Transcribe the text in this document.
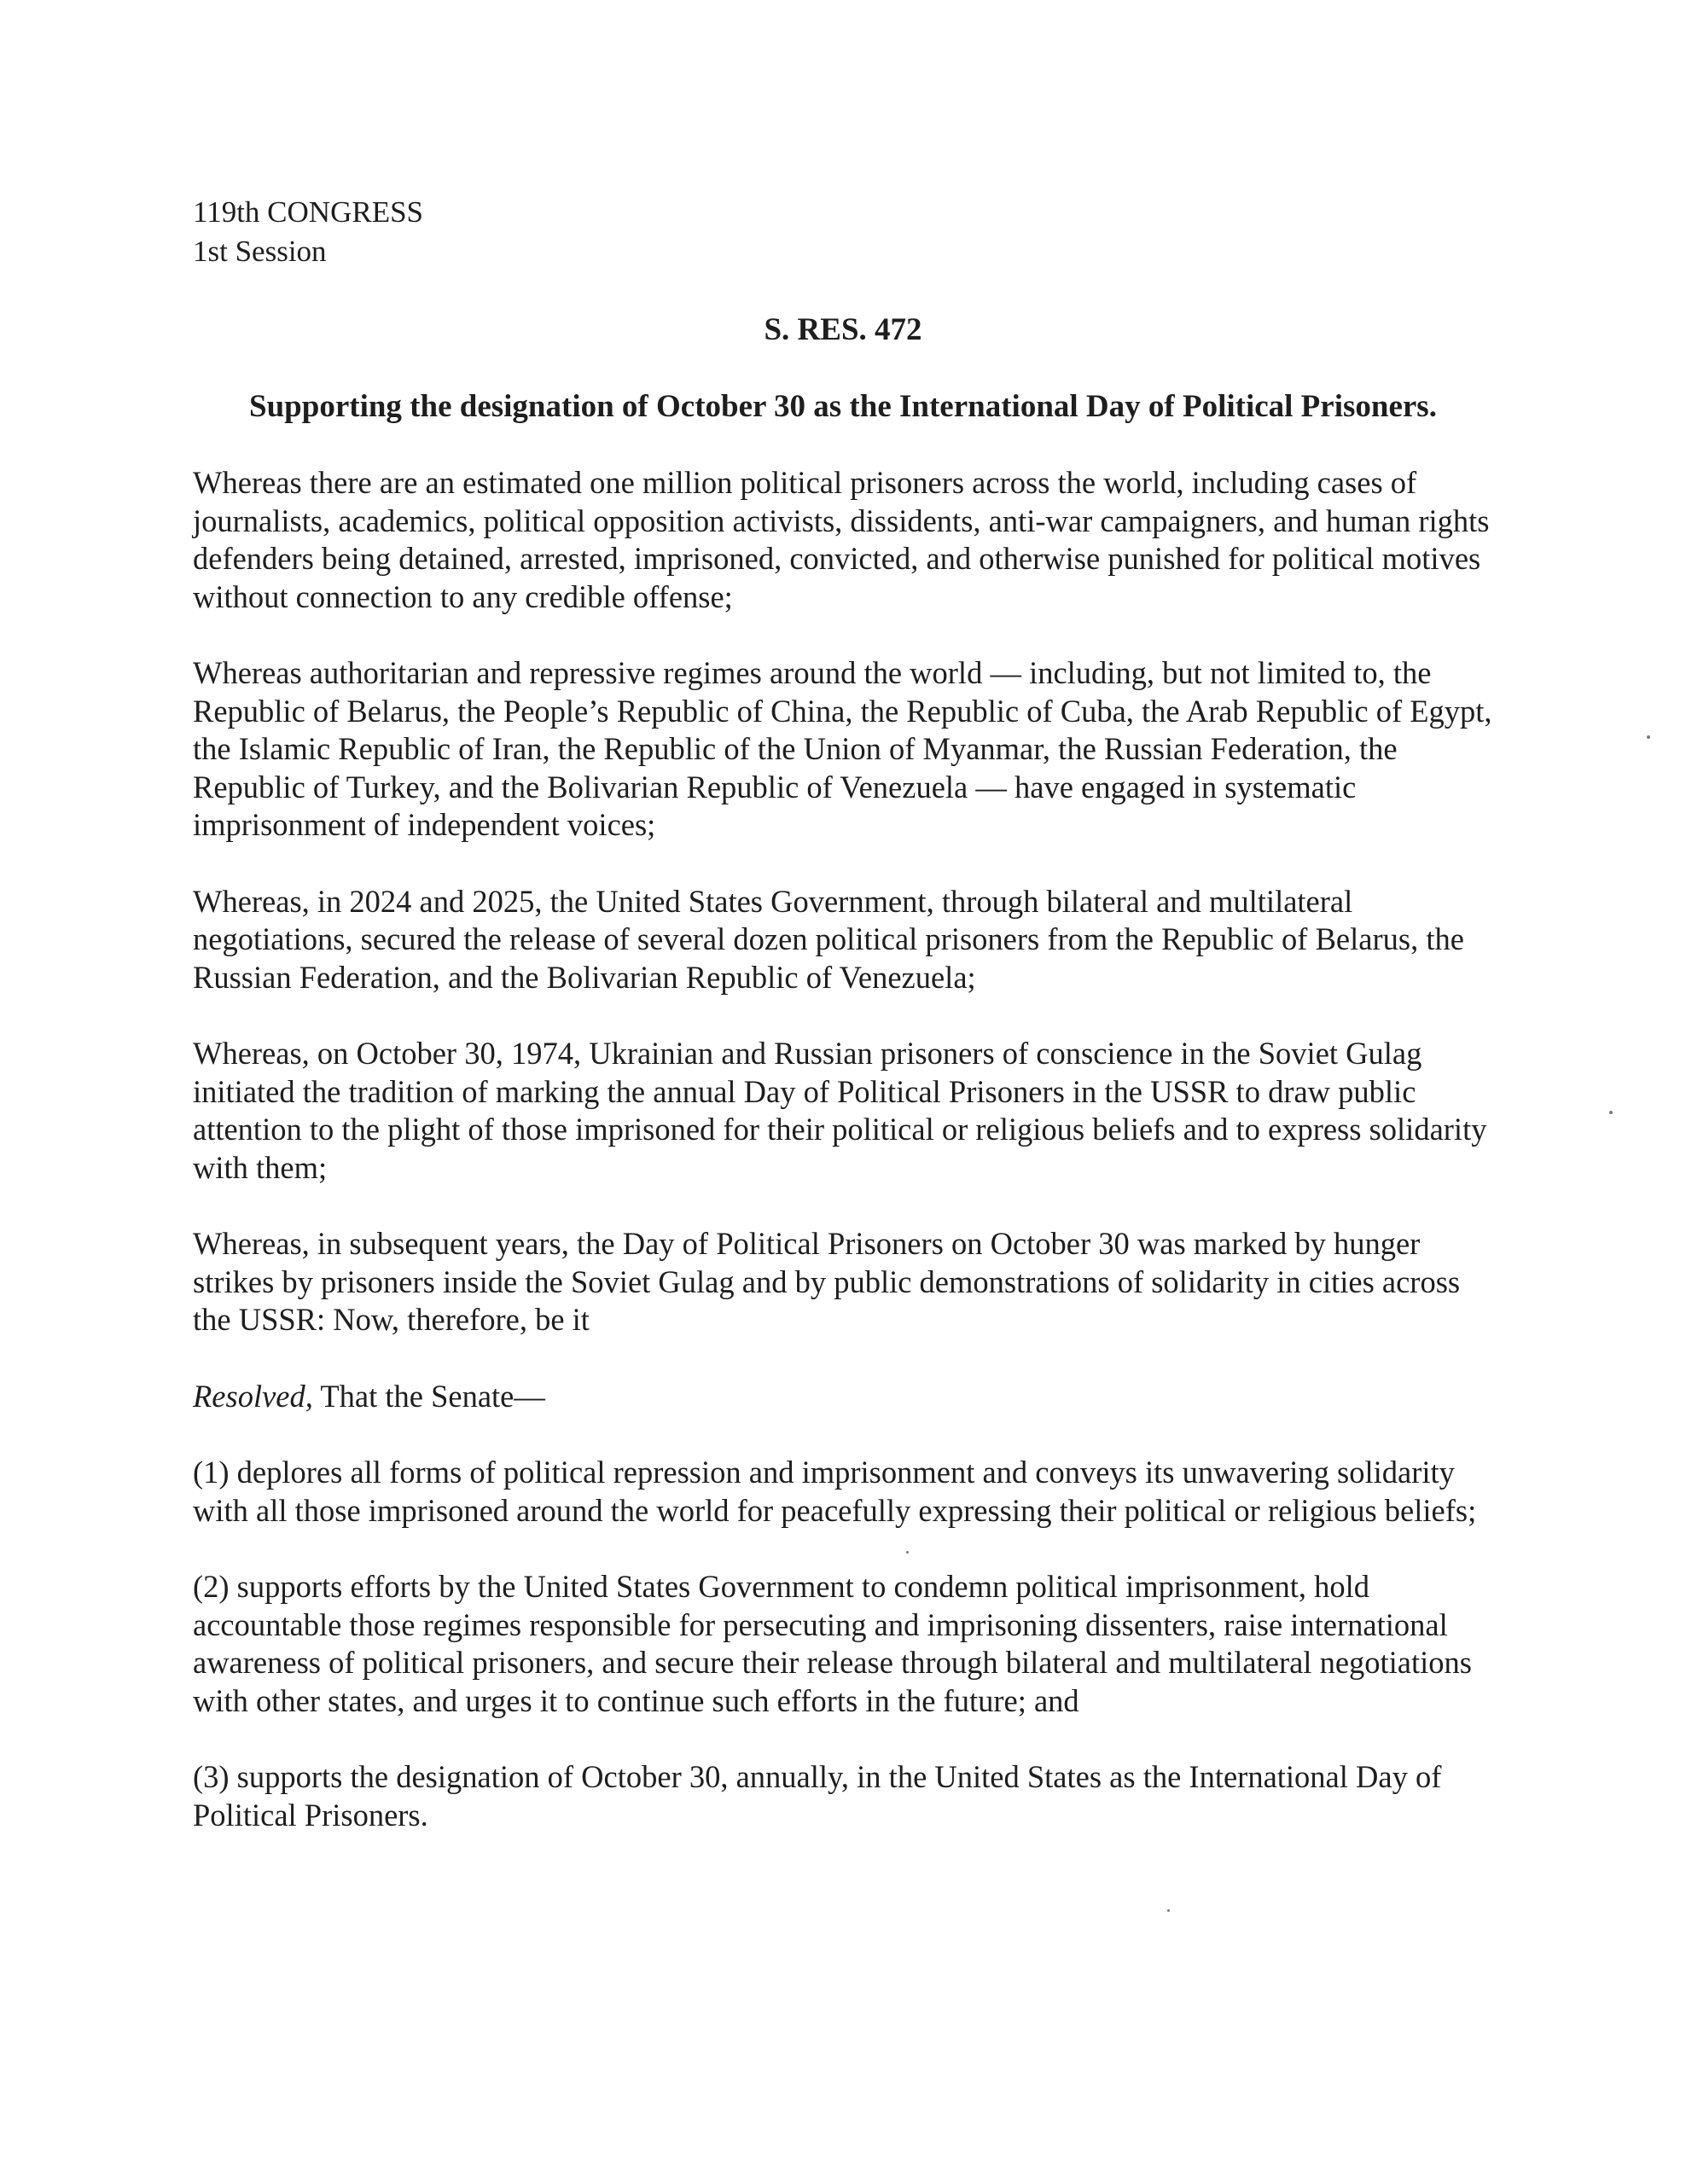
119th CONGRESS
1st Session
S. RES. 472
Supporting the designation of October 30 as the International Day of Political Prisoners.

Whereas there are an estimated one million political prisoners across the world, including cases of journalists, academics, political opposition activists, dissidents, anti-war campaigners, and human rights defenders being detained, arrested, imprisoned, convicted, and otherwise punished for political motives without connection to any credible offense;

Whereas authoritarian and repressive regimes around the world — including, but not limited to, the Republic of Belarus, the People’s Republic of China, the Republic of Cuba, the Arab Republic of Egypt, the Islamic Republic of Iran, the Republic of the Union of Myanmar, the Russian Federation, the Republic of Turkey, and the Bolivarian Republic of Venezuela — have engaged in systematic imprisonment of independent voices;

Whereas, in 2024 and 2025, the United States Government, through bilateral and multilateral negotiations, secured the release of several dozen political prisoners from the Republic of Belarus, the Russian Federation, and the Bolivarian Republic of Venezuela;

Whereas, on October 30, 1974, Ukrainian and Russian prisoners of conscience in the Soviet Gulag initiated the tradition of marking the annual Day of Political Prisoners in the USSR to draw public attention to the plight of those imprisoned for their political or religious beliefs and to express solidarity with them;

Whereas, in subsequent years, the Day of Political Prisoners on October 30 was marked by hunger strikes by prisoners inside the Soviet Gulag and by public demonstrations of solidarity in cities across the USSR: Now, therefore, be it

Resolved, That the Senate—

(1) deplores all forms of political repression and imprisonment and conveys its unwavering solidarity with all those imprisoned around the world for peacefully expressing their political or religious beliefs;

(2) supports efforts by the United States Government to condemn political imprisonment, hold accountable those regimes responsible for persecuting and imprisoning dissenters, raise international awareness of political prisoners, and secure their release through bilateral and multilateral negotiations with other states, and urges it to continue such efforts in the future; and

(3) supports the designation of October 30, annually, in the United States as the International Day of Political Prisoners.
